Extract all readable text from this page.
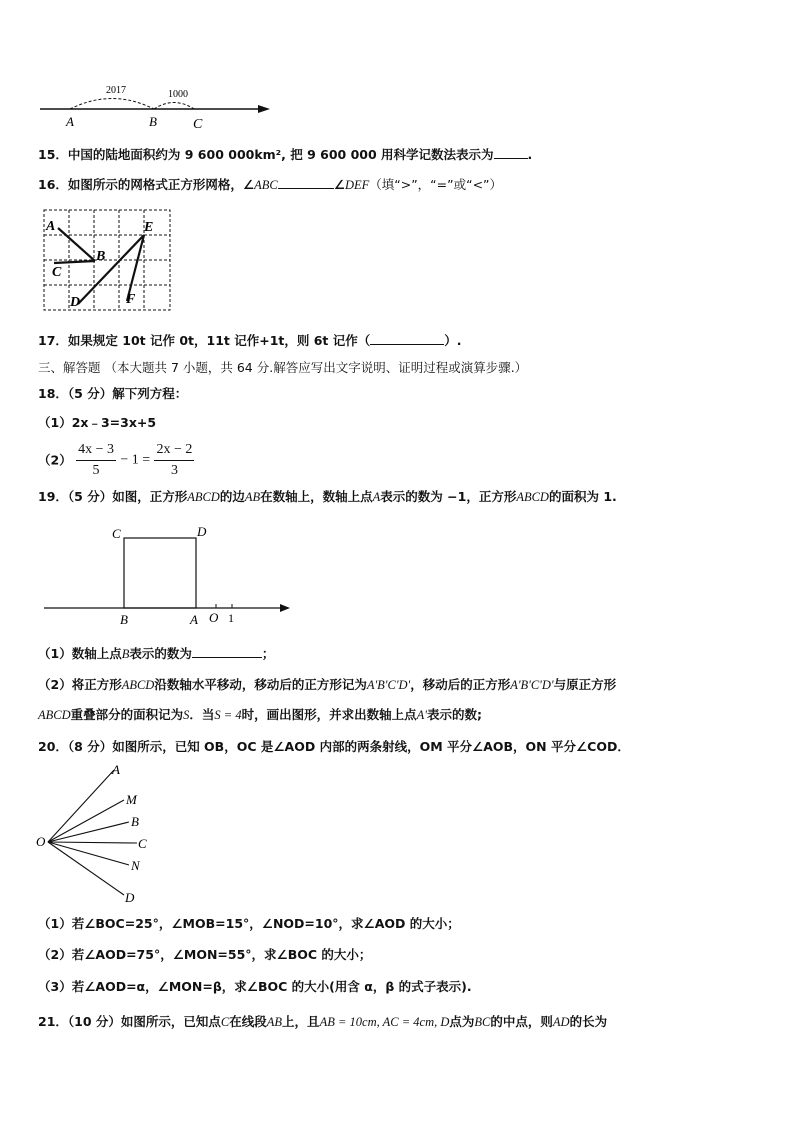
2017	1000
A	B	C
15．中国的陆地面积约为 9 600 000km², 把 9 600 000 用科学记数法表示为	.
16．如图所示的网格式正方形网格，∠ABC	∠DEF（填“>”，“=”或“<”）
A
B
C
D
E
F
17．如果规定 10t 记作 0t，11t 记作+1t，则 6t 记作（	）.
三、解答题 （本大题共 7 小题，共 64 分.解答应写出文字说明、证明过程或演算步骤.）
18．（5 分）解下列方程：
（1）2x﹣3=3x+5
$(2) \frac{4x - 3}{5} - 1 = \frac{2x - 2}{3}$
19．（5 分）如图，正方形ABCD的边AB在数轴上，数轴上点A表示的数为 −1，正方形ABCD的面积为 1.
C	D
B	A O 1
（1）数轴上点B表示的数为	；
（2）将正方形ABCD沿数轴水平移动，移动后的正方形记为A'B'C'D'，移动后的正方形A'B'C'D'与原正方形
ABCD重叠部分的面积记为S．当S = 4时，画出图形，并求出数轴上点A'表示的数;
20．（8 分）如图所示，已知 OB，OC 是∠AOD 内部的两条射线，OM 平分∠AOB，ON 平分∠COD．
O
A
M
B
C
N
D
（1）若∠BOC=25°，∠MOB=15°，∠NOD=10°，求∠AOD 的大小；
（2）若∠AOD=75°，∠MON=55°，求∠BOC 的大小；
（3）若∠AOD=α，∠MON=β，求∠BOC 的大小(用含 α，β 的式子表示).
21．（10 分）如图所示，已知点C在线段AB上，且AB = 10cm, AC = 4cm, D点为BC的中点，则AD的长为
